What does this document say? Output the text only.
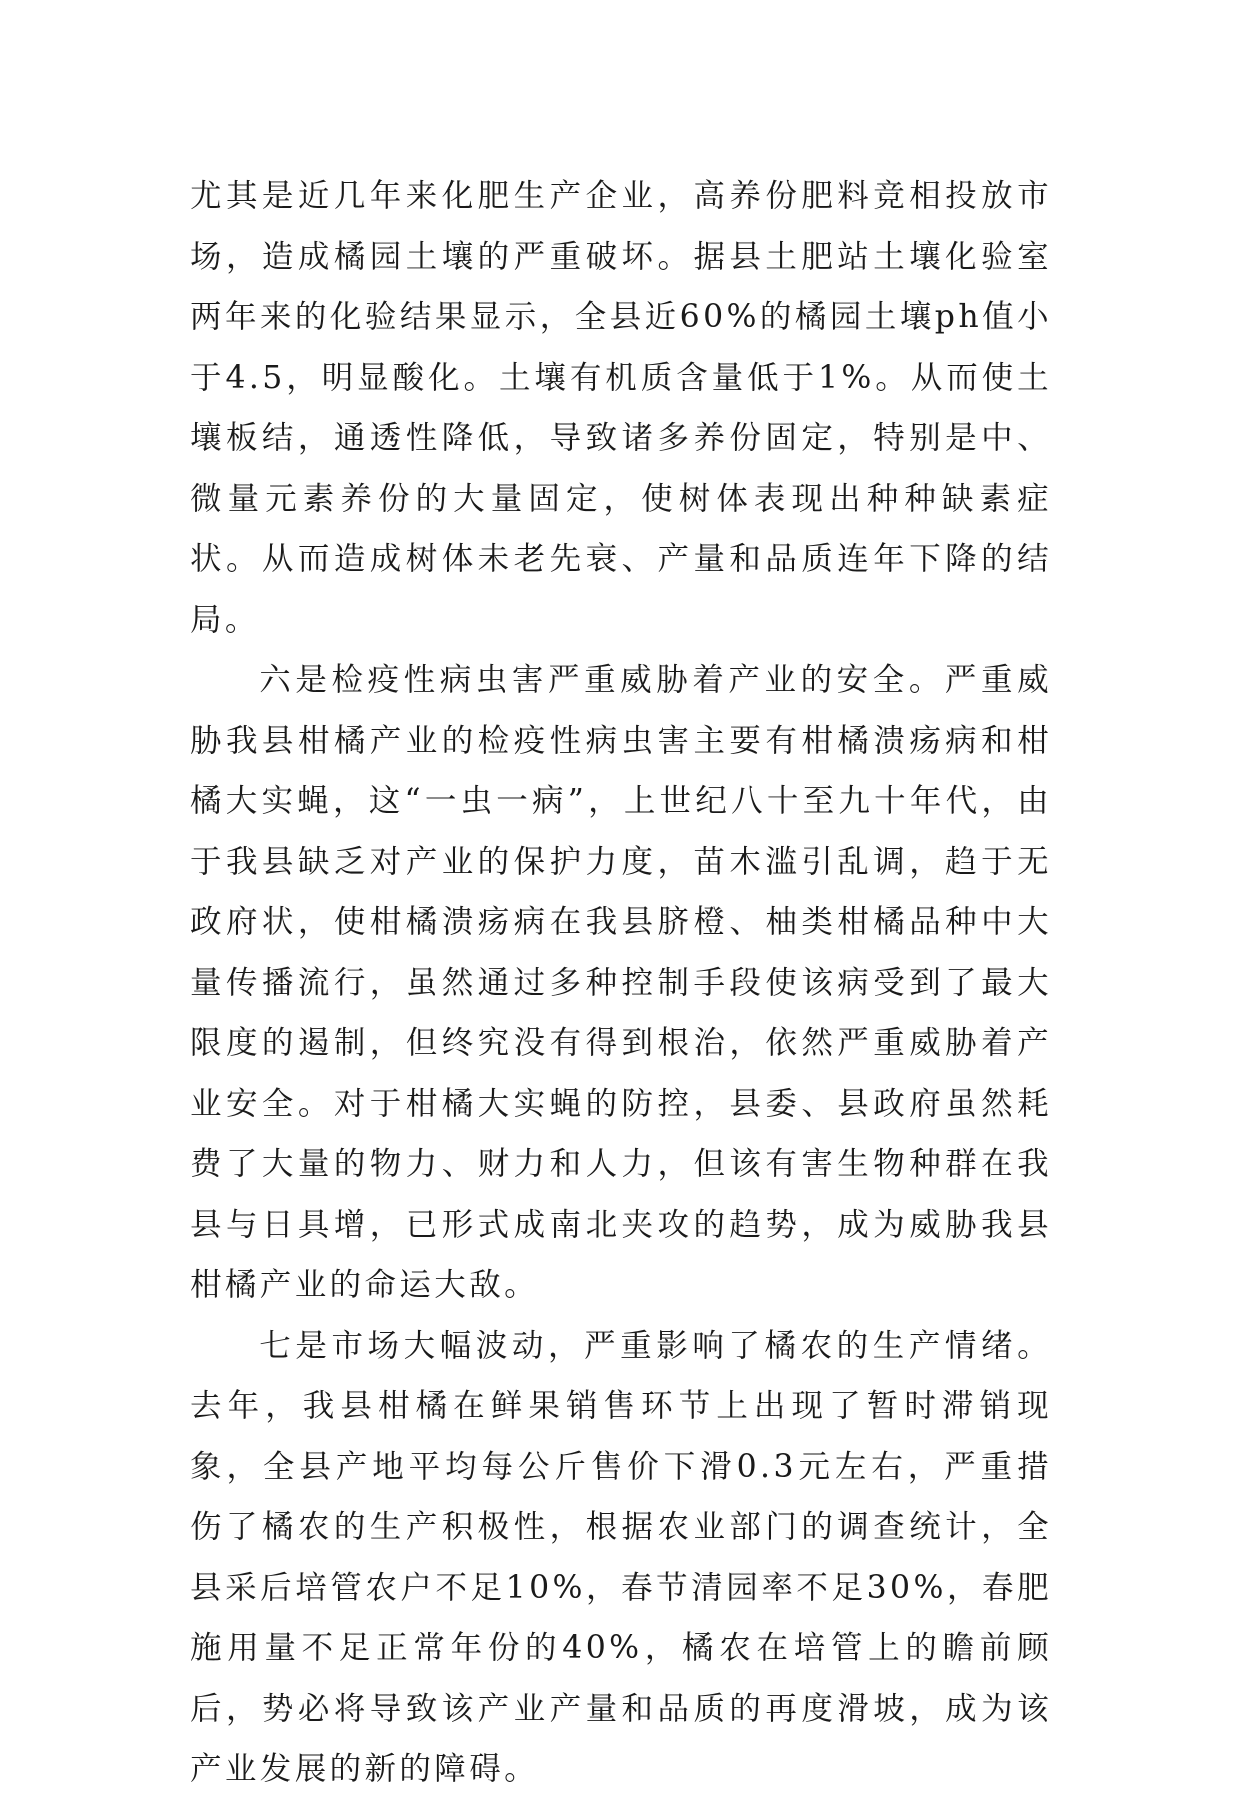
尤其是近几年来化肥生产企业，高养份肥料竞相投放市场，造成橘园土壤的严重破坏。据县土肥站土壤化验室两年来的化验结果显示，全县近60%的橘园土壤ph值小于4.5，明显酸化。土壤有机质含量低于1%。从而使土壤板结，通透性降低，导致诸多养份固定，特别是中、微量元素养份的大量固定，使树体表现出种种缺素症状。从而造成树体未老先衰、产量和品质连年下降的结局。

六是检疫性病虫害严重威胁着产业的安全。严重威胁我县柑橘产业的检疫性病虫害主要有柑橘溃疡病和柑橘大实蝇，这“一虫一病”，上世纪八十至九十年代，由于我县缺乏对产业的保护力度，苗木滥引乱调，趋于无政府状，使柑橘溃疡病在我县脐橙、柚类柑橘品种中大量传播流行，虽然通过多种控制手段使该病受到了最大限度的遏制，但终究没有得到根治，依然严重威胁着产业安全。对于柑橘大实蝇的防控，县委、县政府虽然耗费了大量的物力、财力和人力，但该有害生物种群在我县与日具增，已形式成南北夹攻的趋势，成为威胁我县柑橘产业的命运大敌。

七是市场大幅波动，严重影响了橘农的生产情绪。去年，我县柑橘在鲜果销售环节上出现了暂时滞销现象，全县产地平均每公斤售价下滑0.3元左右，严重措伤了橘农的生产积极性，根据农业部门的调查统计，全县采后培管农户不足10%，春节清园率不足30%，春肥施用量不足正常年份的40%，橘农在培管上的瞻前顾后，势必将导致该产业产量和品质的再度滑坡，成为该产业发展的新的障碍。
